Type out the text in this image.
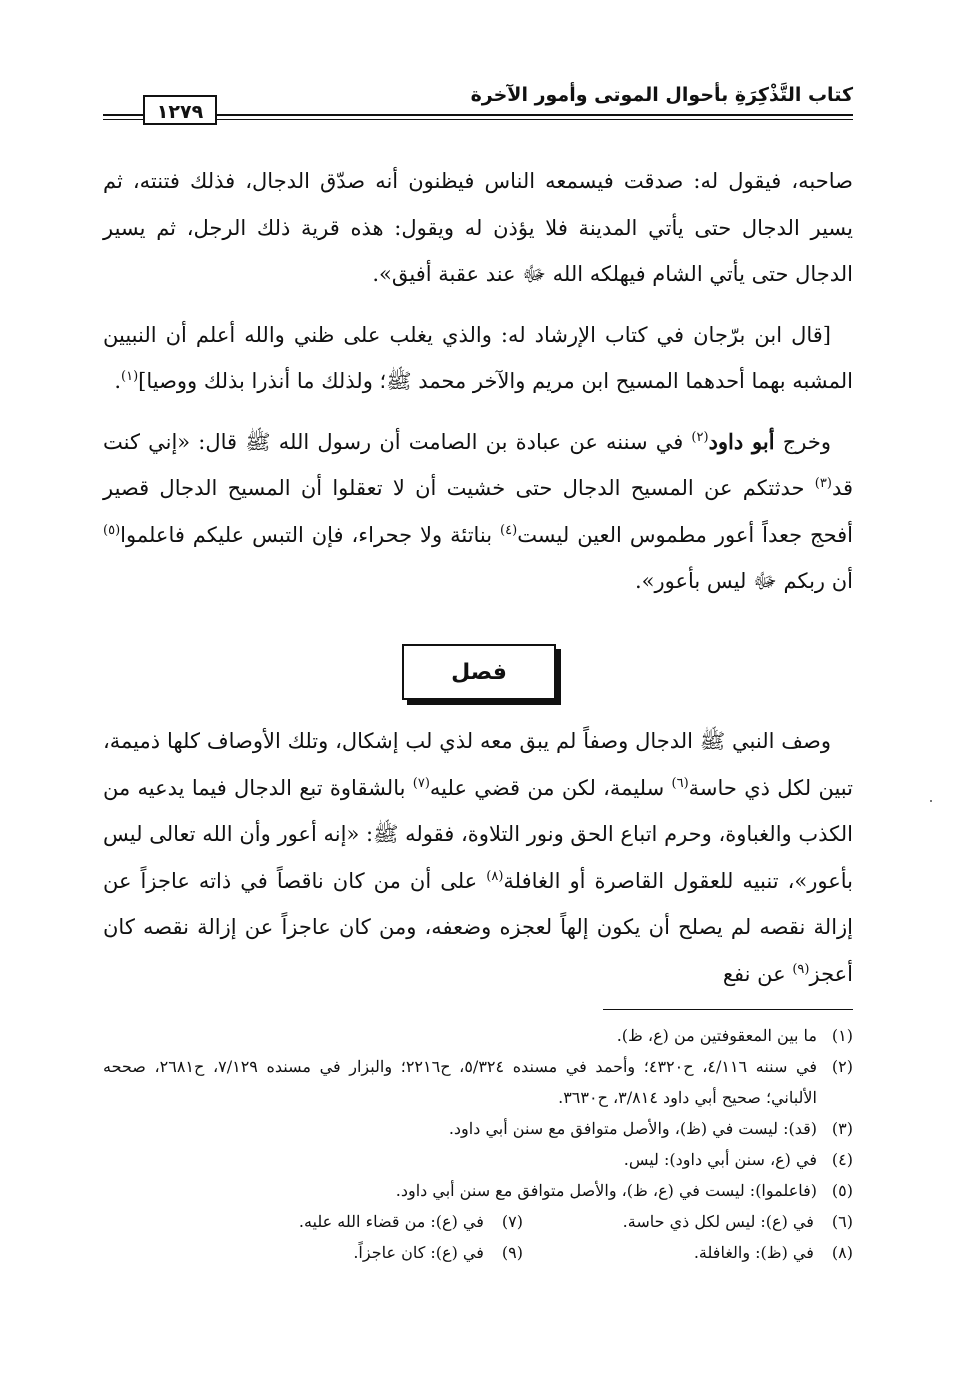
كتاب التَّذْكِرَةِ بأحوال الموتى وأمور الآخرة
١٢٧٩

صاحبه، فيقول له: صدقت فيسمعه الناس فيظنون أنه صدّق الدجال، فذلك فتنته، ثم يسير الدجال حتى يأتي المدينة فلا يؤذن له ويقول: هذه قرية ذلك الرجل، ثم يسير الدجال حتى يأتي الشام فيهلكه الله ﷻ عند عقبة أفيق».

[قال ابن برّجان في كتاب الإرشاد له: والذي يغلب على ظني والله أعلم أن النبيين المشبه بهما أحدهما المسيح ابن مريم والآخر محمد ﷺ؛ ولذلك ما أنذرا بذلك ووصيا]$^{(١)}$.

وخرج أبو داود$^{(٢)}$ في سننه عن عبادة بن الصامت أن رسول الله ﷺ قال: «إني كنت قد$^{(٣)}$ حدثتكم عن المسيح الدجال حتى خشيت أن لا تعقلوا أن المسيح الدجال قصير أفحج جعداً أعور مطموس العين ليست$^{(٤)}$ بناتئة ولا جحراء، فإن التبس عليكم فاعلموا$^{(٥)}$ أن ربكم ﷻ ليس بأعور».

فصل

وصف النبي ﷺ الدجال وصفاً لم يبق معه لذي لب إشكال، وتلك الأوصاف كلها ذميمة، تبين لكل ذي حاسة$^{(٦)}$ سليمة، لكن من قضي عليه$^{(٧)}$ بالشقاوة تبع الدجال فيما يدعيه من الكذب والغباوة، وحرم اتباع الحق ونور التلاوة، فقوله ﷺ: «إنه أعور وأن الله تعالى ليس بأعور»، تنبيه للعقول القاصرة أو الغافلة$^{(٨)}$ على أن من كان ناقصاً في ذاته عاجزاً عن إزالة نقصه لم يصلح أن يكون إلهاً لعجزه وضعفه، ومن كان عاجزاً عن إزالة نقصه كان أعجز$^{(٩)}$ عن نفع

(١)
ما بين المعقوفتين من (ع، ظ).
(٢)
في سننه ٤/١١٦، ح٤٣٢٠؛ وأحمد في مسنده ٥/٣٢٤، ح٢٢١٦؛ والبزار في مسنده ٧/١٢٩، ح٢٦٨١، صححه الألباني؛ صحيح أبي داود ٣/٨١٤، ح٣٦٣٠.
(٣)
(قد): ليست في (ظ)، والأصل متوافق مع سنن أبي داود.
(٤)
في (ع، سنن أبي داود): ليس.
(٥)
(فاعلموا): ليست في (ع، ظ)، والأصل متوافق مع سنن أبي داود.
(٦) في (ع): ليس لكل ذي حاسة.
(٧) في (ع): من قضاء الله عليه.
(٨) في (ظ): والغافلة.
(٩) في (ع): كان عاجزاً.
